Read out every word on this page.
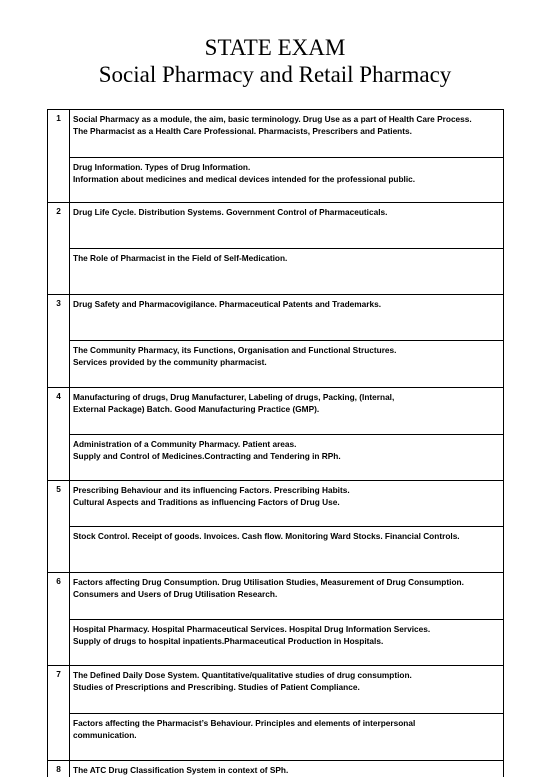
STATE EXAM
Social Pharmacy and Retail Pharmacy
1	Social Pharmacy as a module, the aim, basic terminology. Drug Use as a part of Health Care Process.
The Pharmacist as a Health Care Professional. Pharmacists, Prescribers and Patients.

	Drug Information. Types of Drug Information.
Information about medicines and medical devices intended for the professional public.

2	Drug Life Cycle. Distribution Systems. Government Control of Pharmaceuticals.

	The Role of Pharmacist in the Field of Self-Medication.

3	Drug Safety and Pharmacovigilance. Pharmaceutical Patents and Trademarks.

	The Community Pharmacy, its Functions, Organisation and Functional Structures.
Services provided by the community pharmacist.

4	Manufacturing of drugs, Drug Manufacturer, Labeling of drugs, Packing, (Internal,
External Package) Batch. Good Manufacturing Practice (GMP).

	Administration of a Community Pharmacy. Patient areas.
Supply and Control of Medicines.Contracting and Tendering in RPh.

5	Prescribing Behaviour and its influencing Factors. Prescribing Habits.
Cultural Aspects and Traditions as influencing Factors of Drug Use.

	Stock Control. Receipt of goods. Invoices. Cash flow. Monitoring Ward Stocks. Financial Controls.

6	Factors affecting Drug Consumption. Drug Utilisation Studies, Measurement of Drug Consumption.
Consumers and Users of Drug Utilisation Research.

	Hospital Pharmacy. Hospital Pharmaceutical Services. Hospital Drug Information Services.
Supply of drugs to hospital inpatients.Pharmaceutical Production in Hospitals.

7	The Defined Daily Dose System. Quantitative/qualitative studies of drug consumption.
Studies of Prescriptions and Prescribing. Studies of Patient Compliance.

	Factors affecting the Pharmacist’s Behaviour. Principles and elements of interpersonal
communication.

8	The ATC Drug Classification System in context of SPh.
